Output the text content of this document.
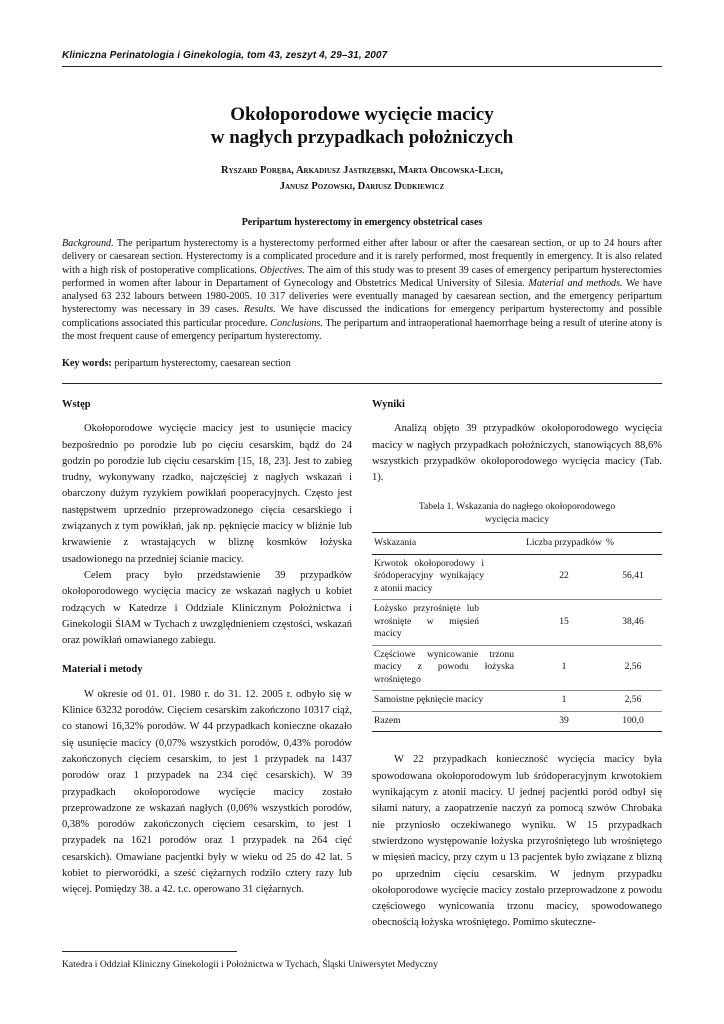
Kliniczna Perinatologia i Ginekologia, tom 43, zeszyt 4, 29–31, 2007
Okołoporodowe wycięcie macicy
w nagłych przypadkach położniczych
Ryszard Poręba, Arkadiusz Jastrzębski, Marta Obcowska-Lech,
Janusz Pozowski, Dariusz Dudkiewicz
Peripartum hysterectomy in emergency obstetrical cases
Background. The peripartum hysterectomy is a hysterectomy performed either after labour or after the caesarean section, or up to 24 hours after delivery or caesarean section. Hysterectomy is a complicated procedure and it is rarely performed, most frequently in emergency. It is also related with a high risk of postoperative complications. Objectives. The aim of this study was to present 39 cases of emergency peripartum hysterectomies performed in women after labour in Departament of Gynecology and Obstetrics Medical University of Silesia. Material and methods. We have analysed 63 232 labours between 1980-2005. 10 317 deliveries were eventually managed by caesarean section, and the emergency peripartum hysterectomy was necessary in 39 cases. Results. We have discussed the indications for emergency peripartum hysterectomy and possible complications associated this particular procedure. Conclusions. The peripartum and intraoperational haemorrhage being a result of uterine atony is the most frequent cause of emergency peripartum hysterectomy.
Key words: peripartum hysterectomy, caesarean section
Wstęp

Okołoporodowe wycięcie macicy jest to usunięcie macicy bezpośrednio po porodzie lub po cięciu cesarskim, bądź do 24 godzin po porodzie lub cięciu cesarskim [15, 18, 23]. Jest to zabieg trudny, wykonywany rzadko, najczęściej z nagłych wskazań i obarczony dużym ryzykiem powikłań pooperacyjnych. Często jest następstwem uprzednio przeprowadzonego cięcia cesarskiego i związanych z tym powikłań, jak np. pęknięcie macicy w bliźnie lub krwawienie z wrastających w bliznę kosmków łożyska usadowionego na przedniej ścianie macicy.

Celem pracy było przedstawienie 39 przypadków okołoporodowego wycięcia macicy ze wskazań nagłych u kobiet rodzących w Katedrze i Oddziale Klinicznym Położnictwa i Ginekologii ŚlAM w Tychach z uwzględnieniem częstości, wskazań oraz powikłań omawianego zabiegu.

Materiał i metody

W okresie od 01. 01. 1980 r. do 31. 12. 2005 r. odbyło się w Klinice 63232 porodów. Cięciem cesarskim zakończono 10317 ciąż, co stanowi 16,32% porodów. W 44 przypadkach konieczne okazało się usunięcie macicy (0,07% wszystkich porodów, 0,43% porodów zakończonych cięciem cesarskim, to jest 1 przypadek na 1437 porodów oraz 1 przypadek na 234 cięć cesarskich). W 39 przypadkach okołoporodowe wycięcie macicy zostało przeprowadzone ze wskazań nagłych (0,06% wszystkich porodów, 0,38% porodów zakończonych cięciem cesarskim, to jest 1 przypadek na 1621 porodów oraz 1 przypadek na 264 cięć cesarskich). Omawiane pacjentki były w wieku od 25 do 42 lat. 5 kobiet to pierworódki, a sześć ciężarnych rodziło cztery razy lub więcej. Pomiędzy 38. a 42. t.c. operowano 31 ciężarnych.

Wyniki

Analizą objęto 39 przypadków okołoporodowego wycięcia macicy w nagłych przypadkach położniczych, stanowiących 88,6% wszystkich przypadków okołoporodowego wycięcia macicy (Tab. 1).

Tabela 1. Wskazania do nagłego okołoporodowego
wycięcia macicy
Wskazania	Liczba przypadków	%
Krwotok okołoporodowy i śródoperacyjny wynikający z atonii macicy	22	56,41
Łożysko przyrośnięte lub wrośnięte w mięsień macicy	15	38,46
Częściowe wynicowanie trzonu macicy z powodu łożyska wrośniętego	1	2,56
Samoistne pęknięcie macicy	1	2,56
Razem	39	100,0

W 22 przypadkach konieczność wycięcia macicy była spowodowana okołoporodowym lub śródoperacyjnym krwotokiem wynikającym z atonii macicy. U jednej pacjentki poród odbył się siłami natury, a zaopatrzenie naczyń za pomocą szwów Chrobaka nie przyniosło oczekiwanego wyniku. W 15 przypadkach stwierdzono występowanie łożyska przyrośniętego lub wrośniętego w mięsień macicy, przy czym u 13 pacjentek było związane z blizną po uprzednim cięciu cesarskim. W jednym przypadku okołoporodowe wycięcie macicy zostało przeprowadzone z powodu częściowego wynicowania trzonu macicy, spowodowanego obecnością łożyska wrośniętego. Pomimo skuteczne-

Katedra i Oddział Kliniczny Ginekologii i Położnictwa w Tychach, Śląski Uniwersytet Medyczny
